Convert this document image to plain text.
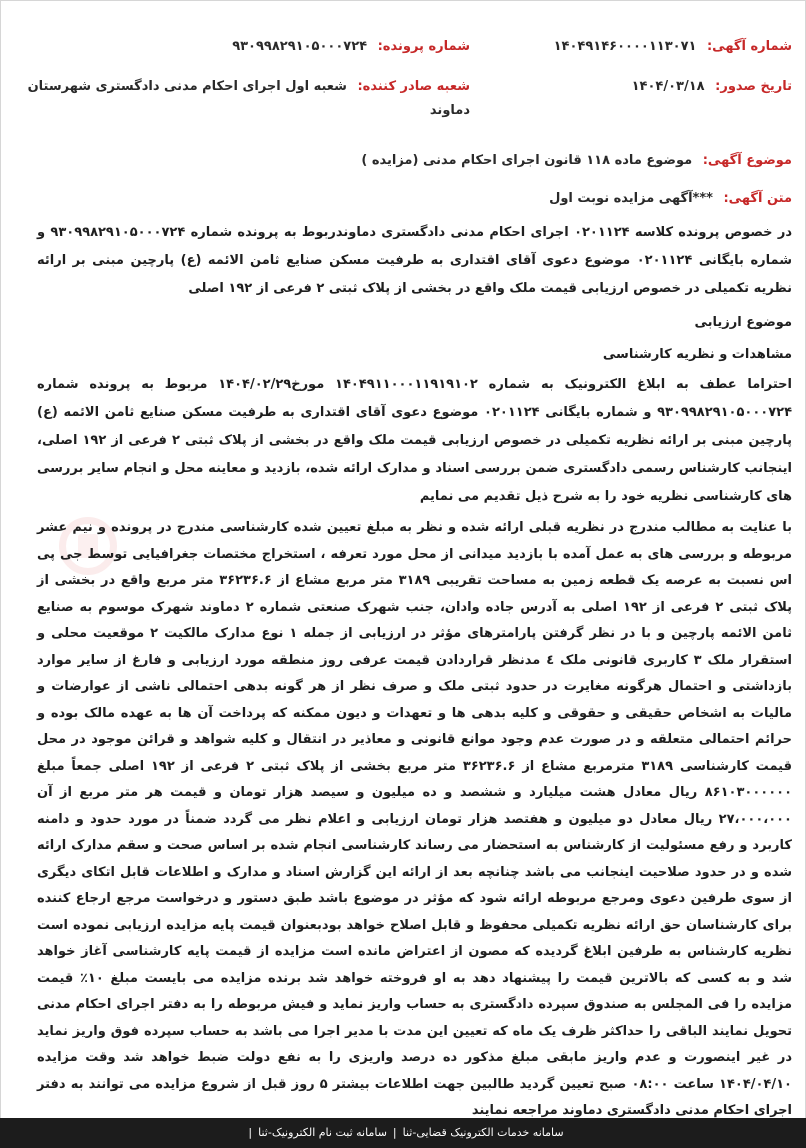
شماره آگهی: ۱۴۰۴۹۱۴۶۰۰۰۰۱۱۳۰۷۱
شماره پرونده: ۹۳۰۹۹۸۲۹۱۰۵۰۰۰۷۲۴
تاریخ صدور: ۱۴۰۴/۰۳/۱۸
شعبه صادر کننده: شعبه اول اجرای احکام مدنی دادگستری شهرستان دماوند
موضوع آگهی: موضوع ماده ۱۱۸ قانون اجرای احکام مدنی (مزایده )
متن آگهی: ***آگهی مزایده نوبت اول

در خصوص پرونده کلاسه ۰۲۰۱۱۲۴ اجرای احکام مدنی دادگستری دماوندربوط به پرونده شماره ۹۳۰۹۹۸۲۹۱۰۵۰۰۰۷۲۴ و شماره بایگانی ۰۲۰۱۱۲۴ موضوع دعوی آقای اقتداری به طرفیت مسکن صنایع ثامن الائمه (ع) پارچین مبنی بر ارائه نظریه تکمیلی در خصوص ارزیابی قیمت ملک واقع در بخشی از پلاک ثبتی ۲ فرعی از ۱۹۲ اصلی

موضوع ارزیابی
مشاهدات و نظریه کارشناسی

احتراما عطف به ابلاغ الکترونیک به شماره ۱۴۰۴۹۱۱۰۰۰۱۱۹۱۹۱۰۲ مورخ۱۴۰۴/۰۲/۲۹ مربوط به پرونده شماره ۹۳۰۹۹۸۲۹۱۰۵۰۰۰۷۲۴ و شماره بایگانی ۰۲۰۱۱۲۴ موضوع دعوی آقای اقتداری به طرفیت مسکن صنایع ثامن الائمه (ع) پارچین مبنی بر ارائه نظریه تکمیلی در خصوص ارزیابی قیمت ملک واقع در بخشی از پلاک ثبتی ۲ فرعی از ۱۹۲ اصلی، اینجانب کارشناس رسمی دادگستری ضمن بررسی اسناد و مدارک ارائه شده، بازدید و معاینه محل و انجام سایر بررسی های کارشناسی نظریه خود را به شرح ذیل تقدیم می نمایم

با عنایت به مطالب مندرج در نظریه قبلی ارائه شده و نظر به مبلغ تعیین شده کارشناسی مندرج در پرونده و نیم عشر مربوطه و بررسی های به عمل آمده با بازدید میدانی از محل مورد تعرفه ، استخراج مختصات جغرافیایی توسط جی پی اس نسبت به عرصه یک قطعه زمین به مساحت تقریبی ۳۱۸۹ متر مربع مشاع از ۳۶۲۳۶.۶ متر مربع واقع در بخشی از پلاک ثبتی ۲ فرعی از ۱۹۲ اصلی به آدرس جاده وادان، جنب شهرک صنعتی شماره ۲ دماوند شهرک موسوم به صنایع ثامن الائمه پارچین و با در نظر گرفتن پارامترهای مؤثر در ارزیابی از جمله ۱ نوع مدارک مالکیت ۲ موقعیت محلی و استقرار ملک ۳ کاربری قانونی ملک ٤ مدنظر قراردادن قیمت عرفی روز منطقه مورد ارزیابی و فارغ از سایر موارد بازداشتی و احتمال هرگونه مغایرت در حدود ثبتی ملک و صرف نظر از هر گونه بدهی احتمالی ناشی از عوارضات و مالیات به اشخاص حقیقی و حقوقی و کلیه بدهی ها و تعهدات و دیون ممکنه که پرداخت آن ها به عهده مالک بوده و حرائم احتمالی متعلقه و در صورت عدم وجود موانع قانونی و معاذیر در انتقال و کلیه شواهد و قرائن موجود در محل قیمت کارشناسی ۳۱۸۹ مترمربع مشاع از ۳۶۲۳۶.۶ متر مربع بخشی از پلاک ثبتی ۲ فرعی از ۱۹۲ اصلی جمعاً مبلغ ۸۶۱۰۳۰۰۰۰۰۰ ریال معادل هشت میلیارد و ششصد و ده میلیون و سیصد هزار تومان و قیمت هر متر مربع از آن ۲۷،۰۰۰،۰۰۰ ریال معادل دو میلیون و هفتصد هزار تومان ارزیابی و اعلام نظر می گردد ضمناً در مورد حدود و دامنه کاربرد و رفع مسئولیت از کارشناس به استحضار می رساند کارشناسی انجام شده بر اساس صحت و سقم مدارک ارائه شده و در حدود صلاحیت اینجانب می باشد چنانچه بعد از ارائه این گزارش اسناد و مدارک و اطلاعات قابل اتکای دیگری از سوی طرفین دعوی ومرجع مربوطه ارائه شود که مؤثر در موضوع باشد طبق دستور و درخواست مرجع ارجاع کننده برای کارشناسان حق ارائه نظریه تکمیلی محفوظ و قابل اصلاح خواهد بودبعنوان قیمت پایه مزایده ارزیابی نموده است نظریه کارشناس به طرفین ابلاغ گردیده که مصون از اعتراض مانده است مزایده از قیمت پایه کارشناسی آغاز خواهد شد و به کسی که بالاترین قیمت را پیشنهاد دهد به او فروخته خواهد شد برنده مزایده می بایست مبلغ ۱۰٪ قیمت مزایده را فی المجلس به صندوق سپرده دادگستری به حساب واریز نماید و فیش مربوطه را به دفتر اجرای احکام مدنی تحویل نمایند الباقی را حداکثر ظرف یک ماه که تعیین این مدت با مدیر اجرا می باشد به حساب سپرده فوق واریز نماید در غیر اینصورت و عدم واریز مابقی مبلغ مذکور ده درصد واریزی را به نفع دولت ضبط خواهد شد وقت مزایده ۱۴۰۴/۰۴/۱۰ ساعت ۰۸:۰۰ صبح تعیین گردید طالبین جهت اطلاعات بیشتر ۵ روز قبل از شروع مزایده می توانند به دفتر اجرای احکام مدنی دادگستری دماوند مراجعه نمایند

سامانه خدمات الکترونیک قضایی-ثنا|سامانه ثبت نام الکترونیک-ثنا|
